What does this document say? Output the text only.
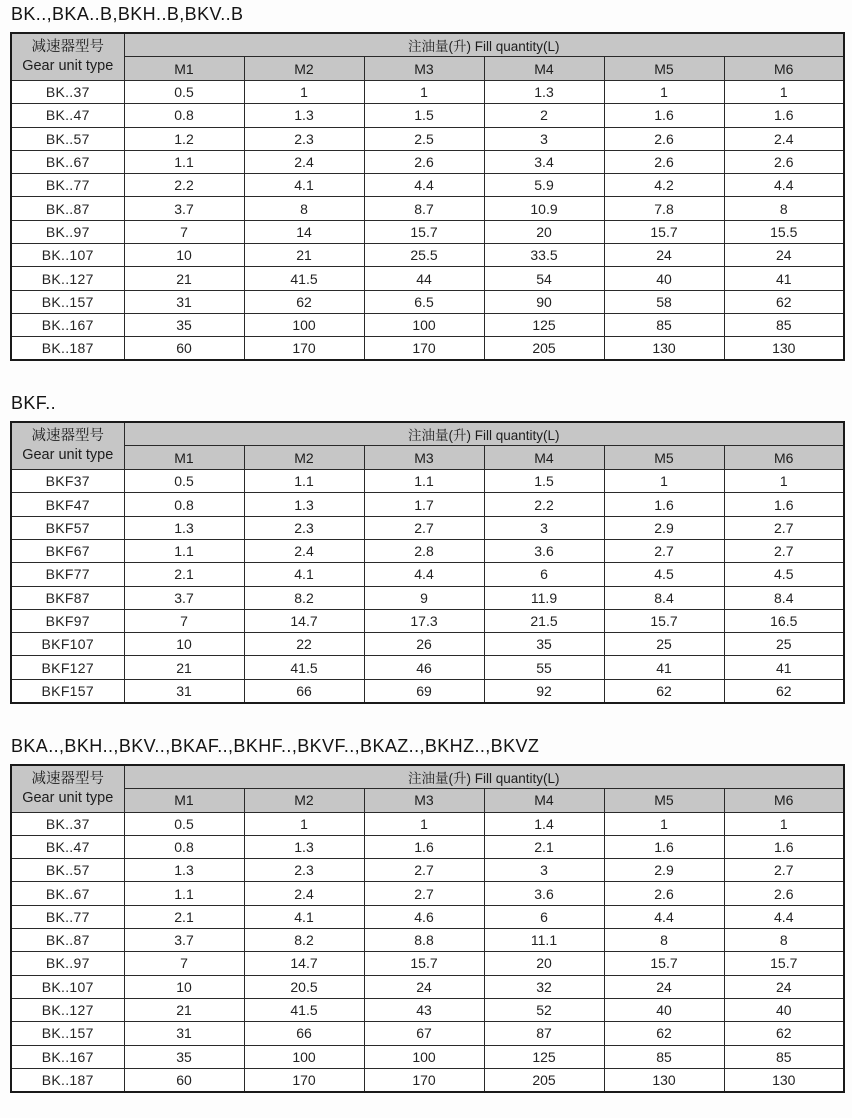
BK..,BKA..B,BKH..B,BKV..B
减速器型号
Gear unit type	注油量(升) Fill quantity(L)					
	M1	M2	M3	M4	M5	M6
BK..37	0.5	1	1	1.3	1	1
BK..47	0.8	1.3	1.5	2	1.6	1.6
BK..57	1.2	2.3	2.5	3	2.6	2.4
BK..67	1.1	2.4	2.6	3.4	2.6	2.6
BK..77	2.2	4.1	4.4	5.9	4.2	4.4
BK..87	3.7	8	8.7	10.9	7.8	8
BK..97	7	14	15.7	20	15.7	15.5
BK..107	10	21	25.5	33.5	24	24
BK..127	21	41.5	44	54	40	41
BK..157	31	62	6.5	90	58	62
BK..167	35	100	100	125	85	85
BK..187	60	170	170	205	130	130
BKF..
减速器型号
Gear unit type	注油量(升) Fill quantity(L)					
	M1	M2	M3	M4	M5	M6
BKF37	0.5	1.1	1.1	1.5	1	1
BKF47	0.8	1.3	1.7	2.2	1.6	1.6
BKF57	1.3	2.3	2.7	3	2.9	2.7
BKF67	1.1	2.4	2.8	3.6	2.7	2.7
BKF77	2.1	4.1	4.4	6	4.5	4.5
BKF87	3.7	8.2	9	11.9	8.4	8.4
BKF97	7	14.7	17.3	21.5	15.7	16.5
BKF107	10	22	26	35	25	25
BKF127	21	41.5	46	55	41	41
BKF157	31	66	69	92	62	62
BKA..,BKH..,BKV..,BKAF..,BKHF..,BKVF..,BKAZ..,BKHZ..,BKVZ
减速器型号
Gear unit type	注油量(升) Fill quantity(L)					
	M1	M2	M3	M4	M5	M6
BK..37	0.5	1	1	1.4	1	1
BK..47	0.8	1.3	1.6	2.1	1.6	1.6
BK..57	1.3	2.3	2.7	3	2.9	2.7
BK..67	1.1	2.4	2.7	3.6	2.6	2.6
BK..77	2.1	4.1	4.6	6	4.4	4.4
BK..87	3.7	8.2	8.8	11.1	8	8
BK..97	7	14.7	15.7	20	15.7	15.7
BK..107	10	20.5	24	32	24	24
BK..127	21	41.5	43	52	40	40
BK..157	31	66	67	87	62	62
BK..167	35	100	100	125	85	85
BK..187	60	170	170	205	130	130
